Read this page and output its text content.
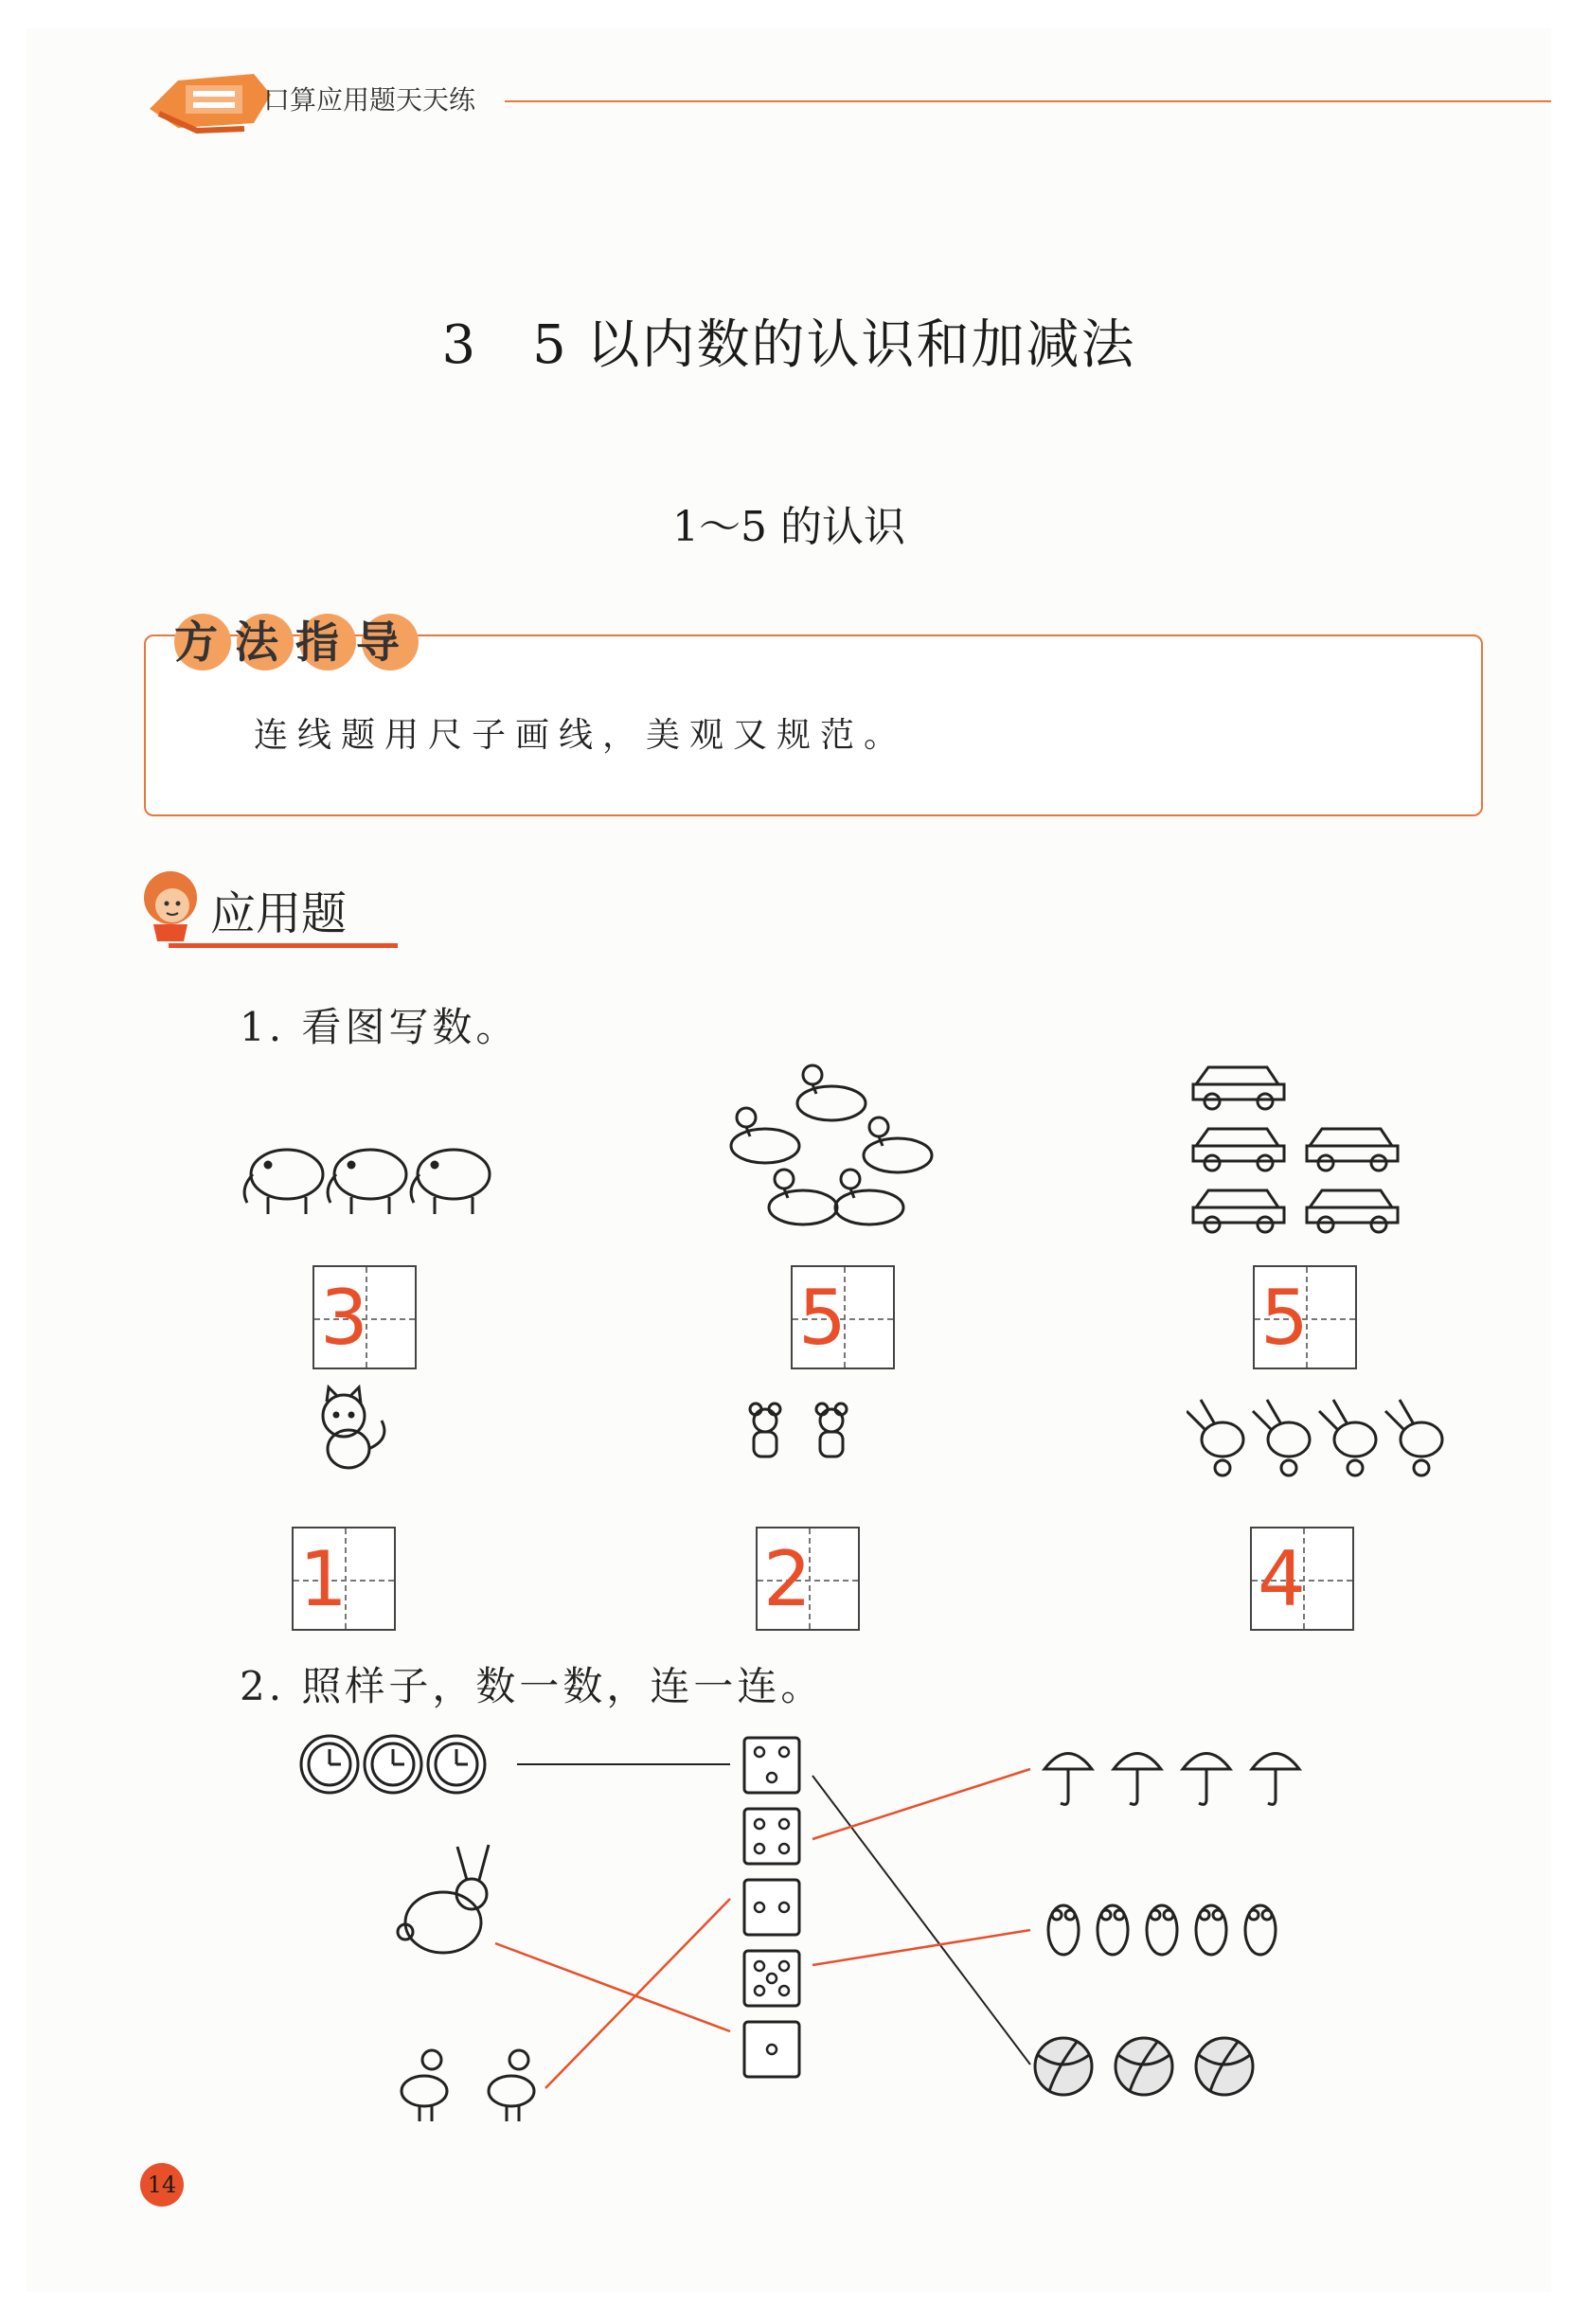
口算应用题天天练
3　5 以内数的认识和加减法
1～5 的认识
方法指导
连线题用尺子画线，美观又规范。
应用题
1. 看图写数。
3	5	5
1	2	4
2. 照样子，数一数，连一连。
14
